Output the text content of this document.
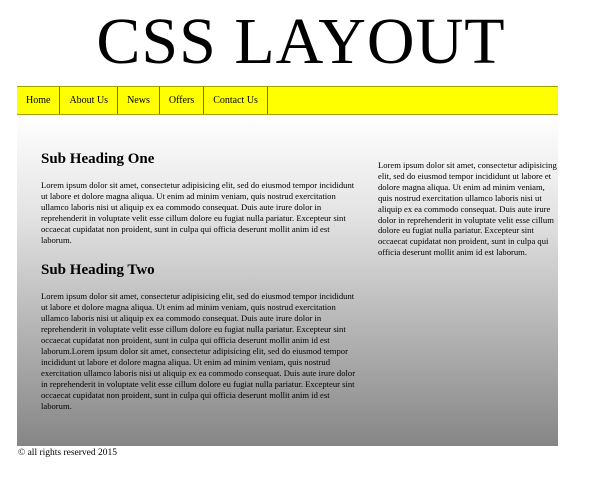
CSS LAYOUT
Home	About Us	News	Offers	Contact Us
Sub Heading One

Lorem ipsum dolor sit amet, consectetur adipisicing elit, sed do eiusmod tempor incididunt ut labore et dolore magna aliqua. Ut enim ad minim veniam, quis nostrud exercitation ullamco laboris nisi ut aliquip ex ea commodo consequat. Duis aute irure dolor in reprehenderit in voluptate velit esse cillum dolore eu fugiat nulla pariatur. Excepteur sint occaecat cupidatat non proident, sunt in culpa qui officia deserunt mollit anim id est laborum.

Sub Heading Two

Lorem ipsum dolor sit amet, consectetur adipisicing elit, sed do eiusmod tempor incididunt ut labore et dolore magna aliqua. Ut enim ad minim veniam, quis nostrud exercitation ullamco laboris nisi ut aliquip ex ea commodo consequat. Duis aute irure dolor in reprehenderit in voluptate velit esse cillum dolore eu fugiat nulla pariatur. Excepteur sint occaecat cupidatat non proident, sunt in culpa qui officia deserunt mollit anim id est laborum.Lorem ipsum dolor sit amet, consectetur adipisicing elit, sed do eiusmod tempor incididunt ut labore et dolore magna aliqua. Ut enim ad minim veniam, quis nostrud exercitation ullamco laboris nisi ut aliquip ex ea commodo consequat. Duis aute irure dolor in reprehenderit in voluptate velit esse cillum dolore eu fugiat nulla pariatur. Excepteur sint occaecat cupidatat non proident, sunt in culpa qui officia deserunt mollit anim id est laborum.

Lorem ipsum dolor sit amet, consectetur adipisicing elit, sed do eiusmod tempor incididunt ut labore et dolore magna aliqua. Ut enim ad minim veniam, quis nostrud exercitation ullamco laboris nisi ut aliquip ex ea commodo consequat. Duis aute irure dolor in reprehenderit in voluptate velit esse cillum dolore eu fugiat nulla pariatur. Excepteur sint occaecat cupidatat non proident, sunt in culpa qui officia deserunt mollit anim id est laborum.

© all rights reserved 2015
